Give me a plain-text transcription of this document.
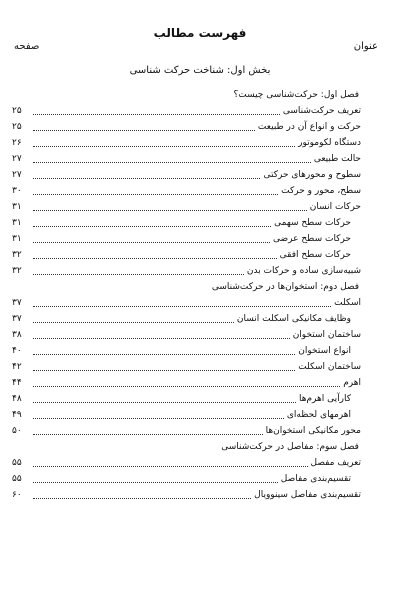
فهرست مطالب
عنوان
صفحه
بخش اول: شناخت حرکت شناسی
فصل اول: حرکت‌شناسی چیست؟
تعریف حرکت‌شناسی
۲۵
حرکت و انواع آن در طبیعت
۲۵
دستگاه لکوموتور
۲۶
حالت طبیعی
۲۷
سطوح و محورهای حرکتی
۲۷
سطح، محور و حرکت
۳۰
حرکات انسان
۳۱
حرکات سطح سهمی
۳۱
حرکات سطح عرضی
۳۱
حرکات سطح افقی
۳۲
شبیه‌سازی ساده و حرکات بدن
۳۲
فصل دوم: استخوان‌ها در حرکت‌شناسی
اسکلت
۳۷
وظایف مکانیکی اسکلت انسان
۳۷
ساختمان استخوان
۳۸
انواع استخوان
۴۰
ساختمان اسکلت
۴۲
اهرم
۴۴
کارآیی اهرم‌ها
۴۸
اهرمهای لحظه‌ای
۴۹
محور مکانیکی استخوان‌ها
۵۰
فصل سوم: مفاصل در حرکت‌شناسی
تعریف مفصل
۵۵
تقسیم‌بندی مفاصل
۵۵
تقسیم‌بندی مفاصل سینوویال
۶۰
